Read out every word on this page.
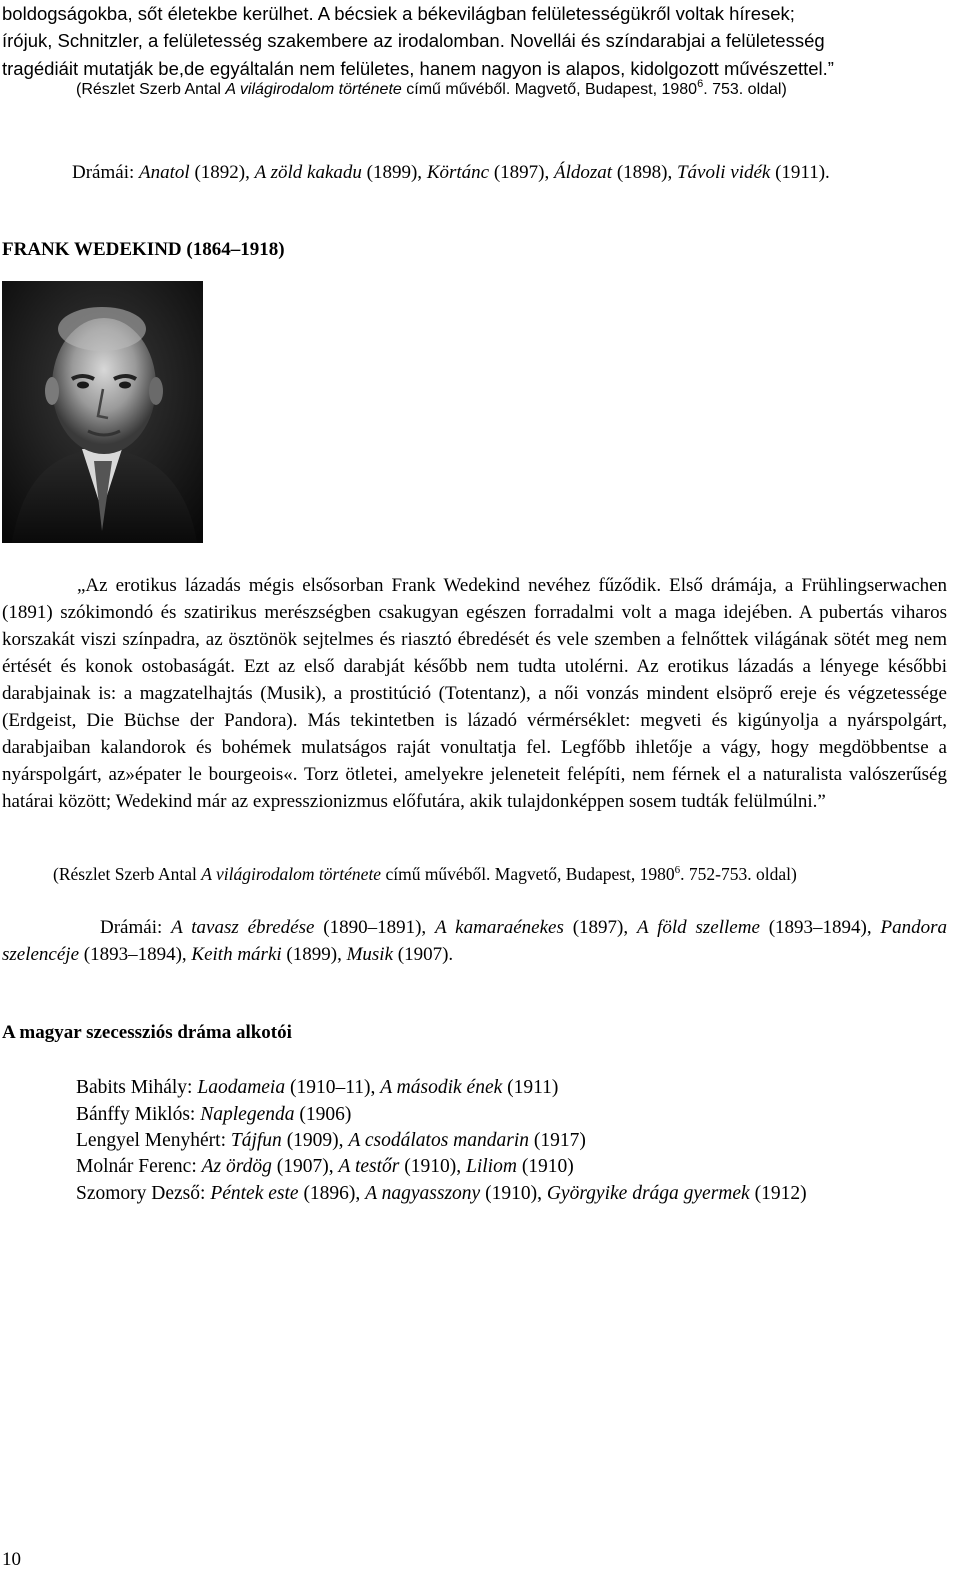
boldogságokba, sőt életekbe kerülhet. A bécsiek a békevilágban felületességükről voltak híresek;

írójuk, Schnitzler, a felületesség szakembere az irodalomban. Novellái és színdarabjai a felületesség

tragédiáit mutatják be,de egyáltalán nem felületes, hanem nagyon is alapos, kidolgozott művészettel.”

(Részlet Szerb Antal A világirodalom története című művéből. Magvető, Budapest, 1980$^6$. 753. oldal)

Drámái: Anatol (1892), A zöld kakadu (1899), Körtánc (1897), Áldozat (1898), Távoli vidék (1911).

FRANK WEDEKIND (1864–1918)

„Az erotikus lázadás mégis elsősorban Frank Wedekind nevéhez fűződik. Első drámája, a Frühlingserwachen (1891) szókimondó és szatirikus merészségben csakugyan egészen forradalmi volt a maga idejében. A pubertás viharos korszakát viszi színpadra, az ösztönök sejtelmes és riasztó ébredését és vele szemben a felnőttek világának sötét meg nem értését és konok ostobaságát. Ezt az első darabját később nem tudta utolérni. Az erotikus lázadás a lényege későbbi darabjainak is: a magzatelhajtás (Musik), a prostitúció (Totentanz), a női vonzás mindent elsöprő ereje és végzetessége (Erdgeist, Die Büchse der Pandora). Más tekintetben is lázadó vérmérséklet: megveti és kigúnyolja a nyárspolgárt, darabjaiban kalandorok és bohémek mulatságos raját vonultatja fel. Legfőbb ihletője a vágy, hogy megdöbbentse a nyárspolgárt, az»épater le bourgeois«. Torz ötletei, amelyekre jeleneteit felépíti, nem férnek el a naturalista valószerűség határai között; Wedekind már az expresszionizmus előfutára, akik tulajdonképpen sosem tudták felülmúlni.”

(Részlet Szerb Antal A világirodalom története című művéből. Magvető, Budapest, 1980$^6$. 752-753. oldal)

Drámái: A tavasz ébredése (1890–1891), A kamaraénekes (1897), A föld szelleme (1893–1894), Pandora szelencéje (1893–1894), Keith márki (1899), Musik (1907).

A magyar szecessziós dráma alkotói

Babits Mihály: Laodameia (1910–11), A második ének (1911)
Bánffy Miklós: Naplegenda (1906)
Lengyel Menyhért: Tájfun (1909), A csodálatos mandarin (1917)
Molnár Ferenc: Az ördög (1907), A testőr (1910), Liliom (1910)
Szomory Dezső: Péntek este (1896), A nagyasszony (1910), Györgyike drága gyermek (1912)
10
